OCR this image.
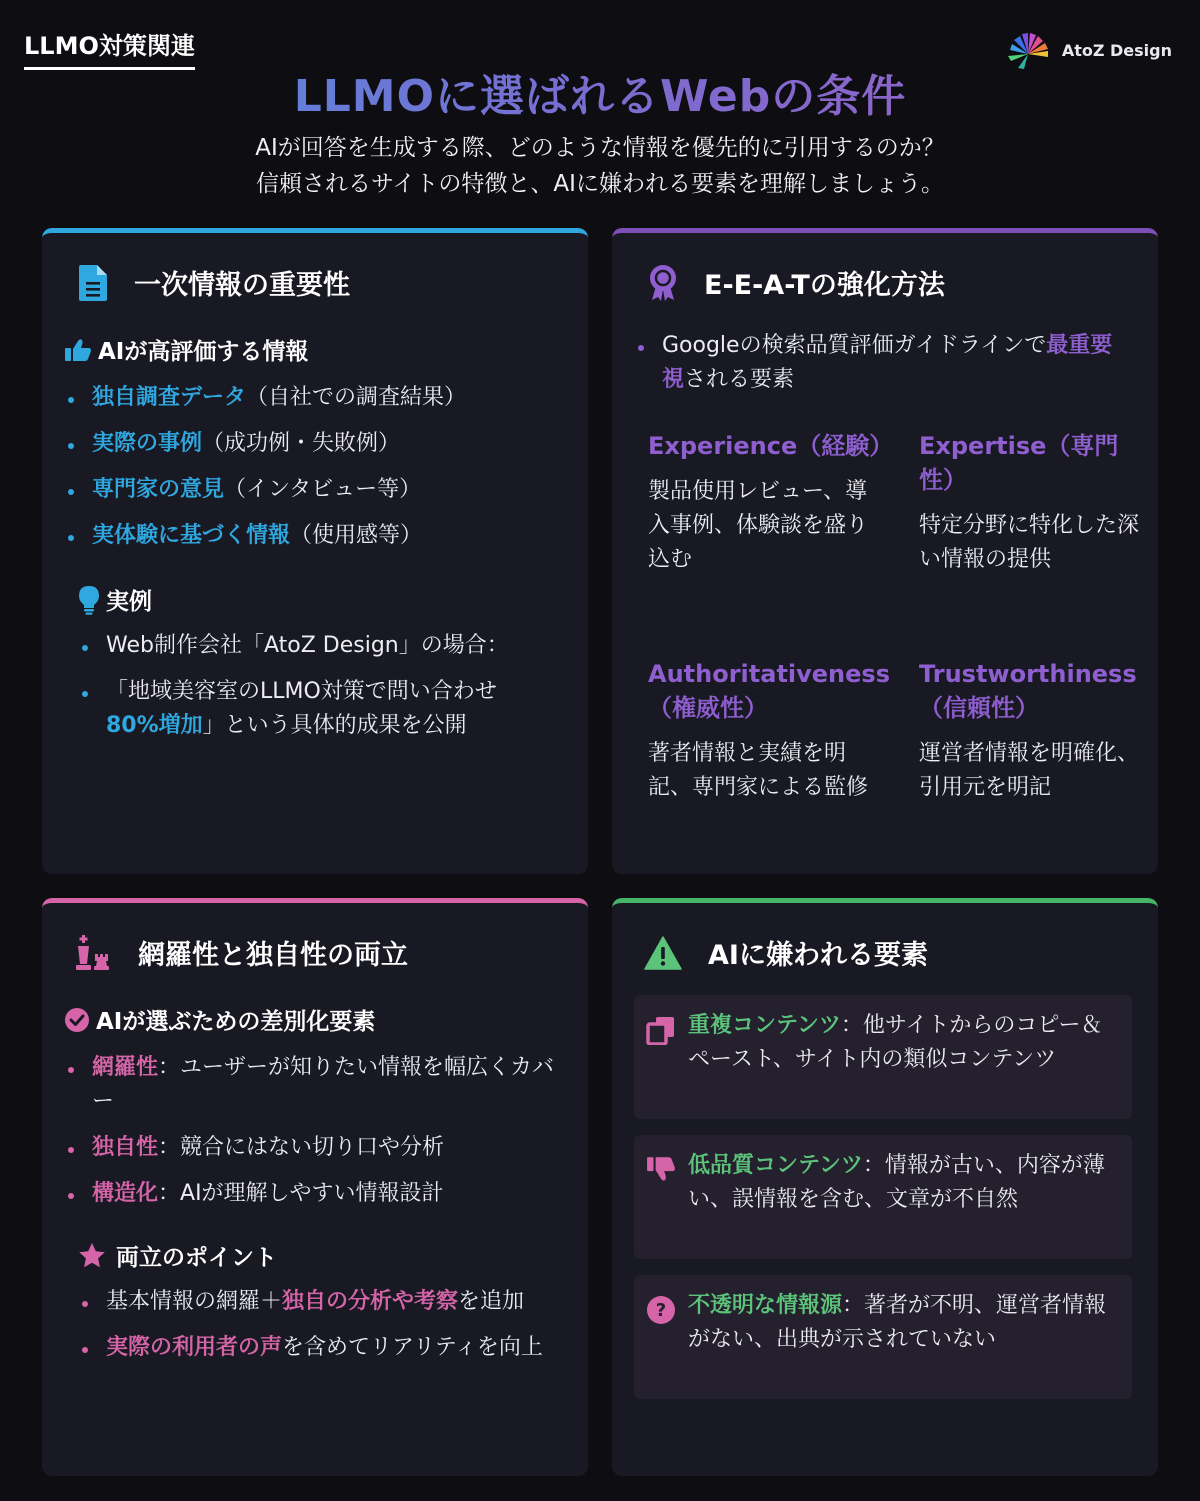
LLMO対策関連	AtoZ Design
LLMOに選ばれるWebの条件
AIが回答を生成する際、どのような情報を優先的に引用するのか？
信頼されるサイトの特徴と、AIに嫌われる要素を理解しましょう。
一次情報の重要性
AIが高評価する情報
独自調査データ（自社での調査結果）
実際の事例（成功例・失敗例）
専門家の意見（インタビュー等）
実体験に基づく情報（使用感等）
実例
Web制作会社「AtoZ Design」の場合：
「地域美容室のLLMO対策で問い合わせ80%増加」という具体的成果を公開
E-E-A-Tの強化方法
Googleの検索品質評価ガイドラインで最重要視される要素
Experience（経験）
製品使用レビュー、導入事例、体験談を盛り込む
Expertise（専門性）
特定分野に特化した深い情報の提供
Authoritativeness（権威性）
著者情報と実績を明記、専門家による監修
Trustworthiness（信頼性）
運営者情報を明確化、引用元を明記
網羅性と独自性の両立
AIが選ぶための差別化要素
網羅性：ユーザーが知りたい情報を幅広くカバー
独自性：競合にはない切り口や分析
構造化：AIが理解しやすい情報設計
両立のポイント
基本情報の網羅＋独自の分析や考察を追加
実際の利用者の声を含めてリアリティを向上
AIに嫌われる要素

重複コンテンツ：他サイトからのコピー＆ペースト、サイト内の類似コンテンツ

低品質コンテンツ：情報が古い、内容が薄い、誤情報を含む、文章が不自然

? 不透明な情報源：著者が不明、運営者情報がない、出典が示されていない
